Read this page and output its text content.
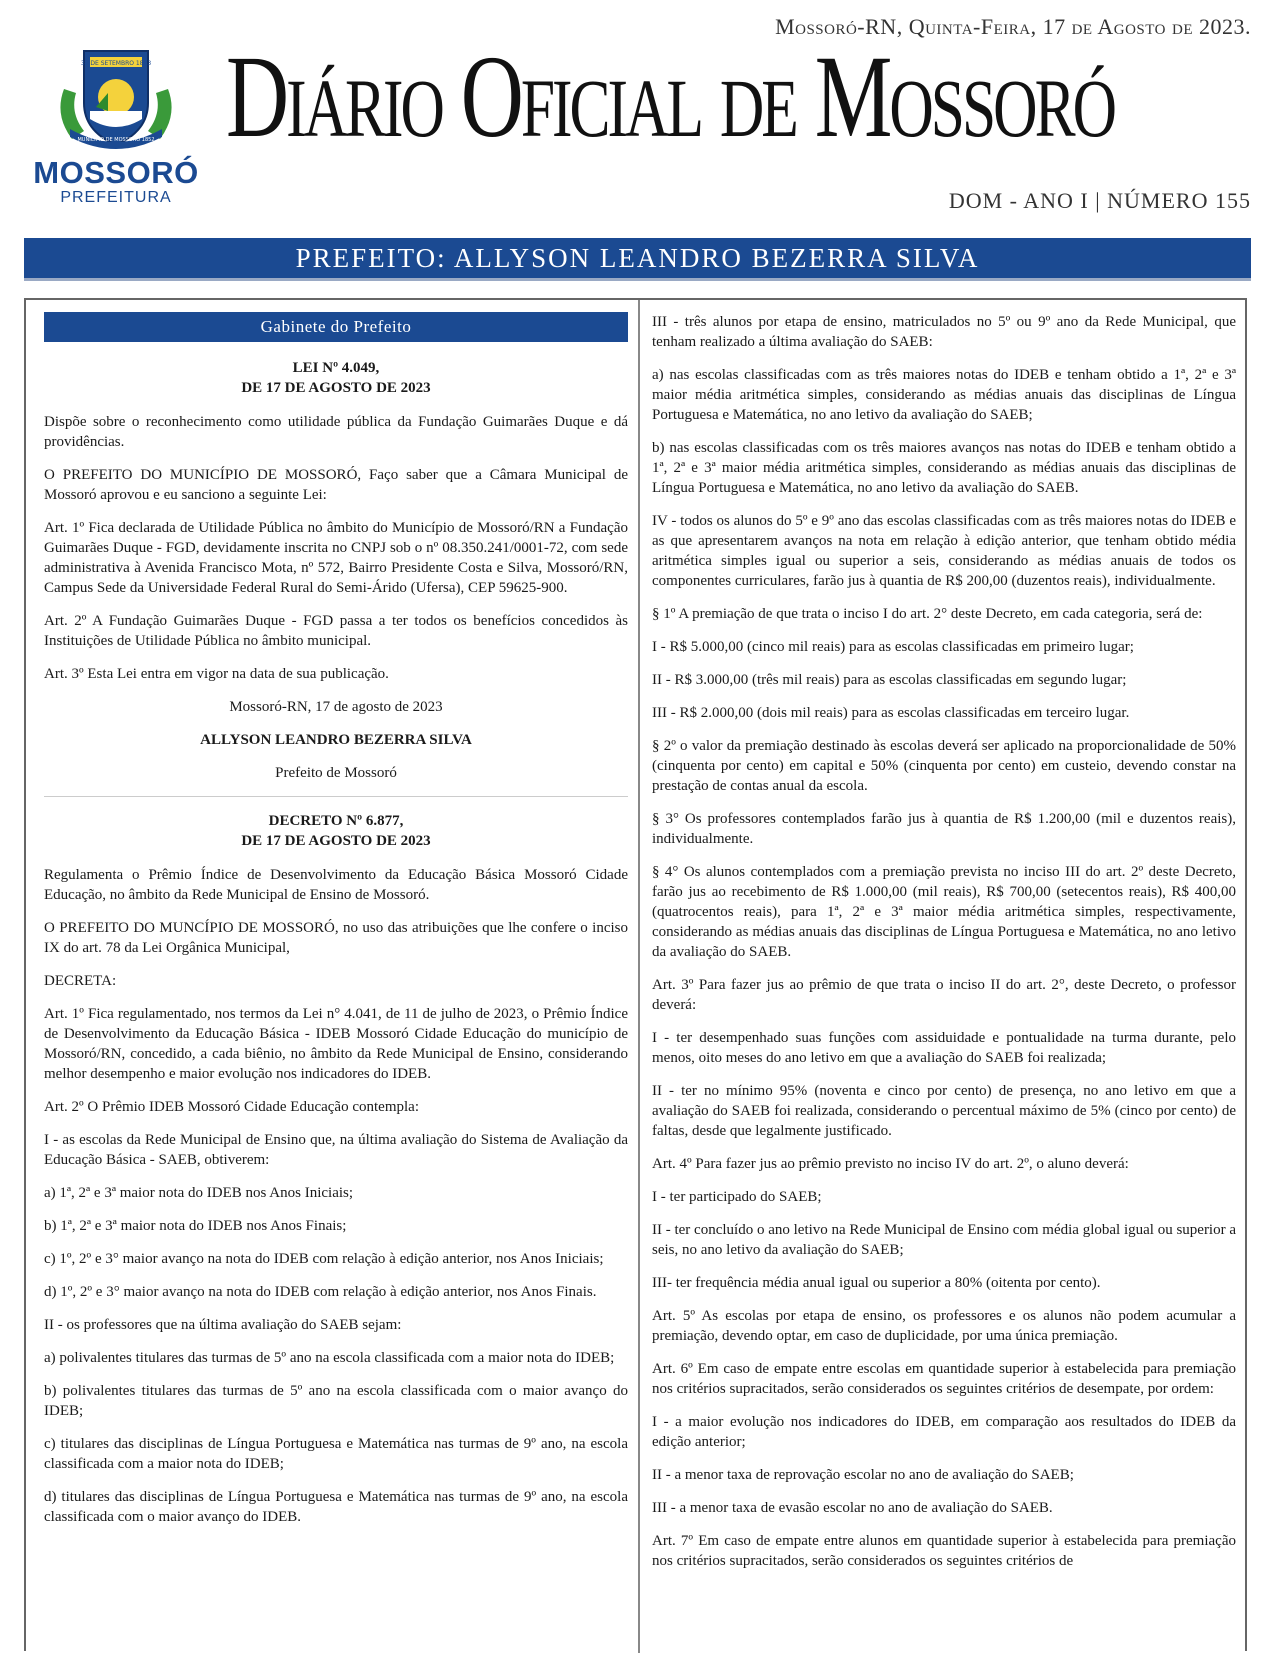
30 DE SETEMBRO 1883
MUNICÍPIO DE MOSSORÓ 1852
MOSSORÓ
PREFEITURA
Mossoró-RN, Quinta-Feira, 17 de Agosto de 2023.
Diário Oficial de Mossoró
DOM - ANO I | NÚMERO 155
PREFEITO: ALLYSON LEANDRO BEZERRA SILVA
Gabinete do Prefeito
LEI Nº 4.049,
DE 17 DE AGOSTO DE 2023

Dispõe sobre o reconhecimento como utilidade pública da Fundação Guimarães Duque e dá providências.

O PREFEITO DO MUNICÍPIO DE MOSSORÓ, Faço saber que a Câmara Municipal de Mossoró aprovou e eu sanciono a seguinte Lei:

Art. 1º Fica declarada de Utilidade Pública no âmbito do Município de Mossoró/RN a Fundação Guimarães Duque - FGD, devidamente inscrita no CNPJ sob o nº 08.350.241/0001-72, com sede administrativa à Avenida Francisco Mota, nº 572, Bairro Presidente Costa e Silva, Mossoró/RN, Campus Sede da Universidade Federal Rural do Semi-Árido (Ufersa), CEP 59625-900.

Art. 2º A Fundação Guimarães Duque - FGD passa a ter todos os benefícios concedidos às Instituições de Utilidade Pública no âmbito municipal.

Art. 3º Esta Lei entra em vigor na data de sua publicação.

Mossoró-RN, 17 de agosto de 2023

ALLYSON LEANDRO BEZERRA SILVA

Prefeito de Mossoró

DECRETO Nº 6.877,
DE 17 DE AGOSTO DE 2023

Regulamenta o Prêmio Índice de Desenvolvimento da Educação Básica Mossoró Cidade Educação, no âmbito da Rede Municipal de Ensino de Mossoró.

O PREFEITO DO MUNCÍPIO DE MOSSORÓ, no uso das atribuições que lhe confere o inciso IX do art. 78 da Lei Orgânica Municipal,

DECRETA:

Art. 1º Fica regulamentado, nos termos da Lei n° 4.041, de 11 de julho de 2023, o Prêmio Índice de Desenvolvimento da Educação Básica - IDEB Mossoró Cidade Educação do município de Mossoró/RN, concedido, a cada biênio, no âmbito da Rede Municipal de Ensino, considerando melhor desempenho e maior evolução nos indicadores do IDEB.

Art. 2º O Prêmio IDEB Mossoró Cidade Educação contempla:

I - as escolas da Rede Municipal de Ensino que, na última avaliação do Sistema de Avaliação da Educação Básica - SAEB, obtiverem:

a) 1ª, 2ª e 3ª maior nota do IDEB nos Anos Iniciais;

b) 1ª, 2ª e 3ª maior nota do IDEB nos Anos Finais;

c) 1º, 2º e 3° maior avanço na nota do IDEB com relação à edição anterior, nos Anos Iniciais;

d) 1º, 2º e 3° maior avanço na nota do IDEB com relação à edição anterior, nos Anos Finais.

II - os professores que na última avaliação do SAEB sejam:

a) polivalentes titulares das turmas de 5º ano na escola classificada com a maior nota do IDEB;

b) polivalentes titulares das turmas de 5º ano na escola classificada com o maior avanço do IDEB;

c) titulares das disciplinas de Língua Portuguesa e Matemática nas turmas de 9º ano, na escola classificada com a maior nota do IDEB;

d) titulares das disciplinas de Língua Portuguesa e Matemática nas turmas de 9º ano, na escola classificada com o maior avanço do IDEB.

III - três alunos por etapa de ensino, matriculados no 5º ou 9º ano da Rede Municipal, que tenham realizado a última avaliação do SAEB:

a) nas escolas classificadas com as três maiores notas do IDEB e tenham obtido a 1ª, 2ª e 3ª maior média aritmética simples, considerando as médias anuais das disciplinas de Língua Portuguesa e Matemática, no ano letivo da avaliação do SAEB;

b) nas escolas classificadas com os três maiores avanços nas notas do IDEB e tenham obtido a 1ª, 2ª e 3ª maior média aritmética simples, considerando as médias anuais das disciplinas de Língua Portuguesa e Matemática, no ano letivo da avaliação do SAEB.

IV - todos os alunos do 5º e 9º ano das escolas classificadas com as três maiores notas do IDEB e as que apresentarem avanços na nota em relação à edição anterior, que tenham obtido média aritmética simples igual ou superior a seis, considerando as médias anuais de todos os componentes curriculares, farão jus à quantia de R$ 200,00 (duzentos reais), individualmente.

§ 1º A premiação de que trata o inciso I do art. 2° deste Decreto, em cada categoria, será de:

I - R$ 5.000,00 (cinco mil reais) para as escolas classificadas em primeiro lugar;

II - R$ 3.000,00 (três mil reais) para as escolas classificadas em segundo lugar;

III - R$ 2.000,00 (dois mil reais) para as escolas classificadas em terceiro lugar.

§ 2º o valor da premiação destinado às escolas deverá ser aplicado na proporcionalidade de 50% (cinquenta por cento) em capital e 50% (cinquenta por cento) em custeio, devendo constar na prestação de contas anual da escola.

§ 3° Os professores contemplados farão jus à quantia de R$ 1.200,00 (mil e duzentos reais), individualmente.

§ 4° Os alunos contemplados com a premiação prevista no inciso III do art. 2º deste Decreto, farão jus ao recebimento de R$ 1.000,00 (mil reais), R$ 700,00 (setecentos reais), R$ 400,00 (quatrocentos reais), para 1ª, 2ª e 3ª maior média aritmética simples, respectivamente, considerando as médias anuais das disciplinas de Língua Portuguesa e Matemática, no ano letivo da avaliação do SAEB.

Art. 3º Para fazer jus ao prêmio de que trata o inciso II do art. 2°, deste Decreto, o professor deverá:

I - ter desempenhado suas funções com assiduidade e pontualidade na turma durante, pelo menos, oito meses do ano letivo em que a avaliação do SAEB foi realizada;

II - ter no mínimo 95% (noventa e cinco por cento) de presença, no ano letivo em que a avaliação do SAEB foi realizada, considerando o percentual máximo de 5% (cinco por cento) de faltas, desde que legalmente justificado.

Art. 4º Para fazer jus ao prêmio previsto no inciso IV do art. 2º, o aluno deverá:

I - ter participado do SAEB;

II - ter concluído o ano letivo na Rede Municipal de Ensino com média global igual ou superior a seis, no ano letivo da avaliação do SAEB;

III- ter frequência média anual igual ou superior a 80% (oitenta por cento).

Art. 5º As escolas por etapa de ensino, os professores e os alunos não podem acumular a premiação, devendo optar, em caso de duplicidade, por uma única premiação.

Art. 6º Em caso de empate entre escolas em quantidade superior à estabelecida para premiação nos critérios supracitados, serão considerados os seguintes critérios de desempate, por ordem:

I - a maior evolução nos indicadores do IDEB, em comparação aos resultados do IDEB da edição anterior;

II - a menor taxa de reprovação escolar no ano de avaliação do SAEB;

III - a menor taxa de evasão escolar no ano de avaliação do SAEB.

Art. 7º Em caso de empate entre alunos em quantidade superior à estabelecida para premiação nos critérios supracitados, serão considerados os seguintes critérios de
